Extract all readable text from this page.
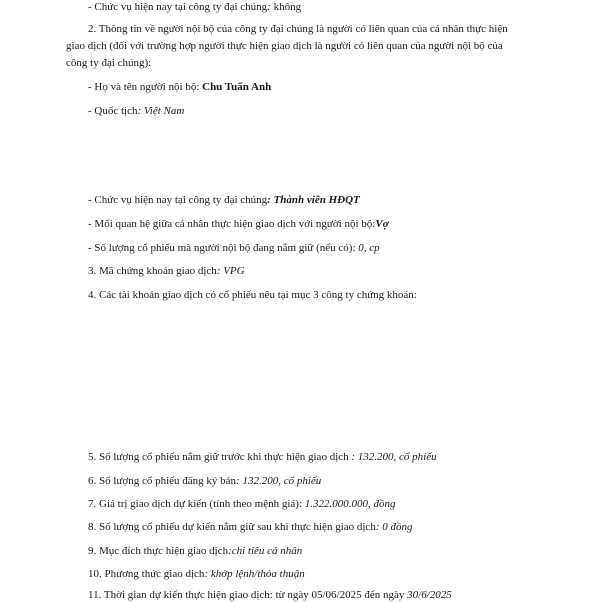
- Chức vụ hiện nay tại công ty đại chúng: không
2. Thông tin về người nội bộ của công ty đại chúng là người có liên quan của cá nhân thực hiện
giao dịch (đối với trường hợp người thực hiện giao dịch là người có liên quan của người nội bộ của
công ty đại chúng):
- Họ và tên người nội bộ: Chu Tuấn Anh
- Quốc tịch: Việt Nam
- Chức vụ hiện nay tại công ty đại chúng: Thành viên HĐQT
- Mối quan hệ giữa cá nhân thực hiện giao dịch với người nội bộ:Vợ
- Số lượng cổ phiếu mà người nội bộ đang nắm giữ (nếu có): 0, cp
3. Mã chứng khoán giao dịch: VPG
4. Các tài khoản giao dịch có cổ phiếu nêu tại mục 3 công ty chứng khoán:
5. Số lượng cổ phiếu nắm giữ trước khi thực hiện giao dịch : 132.200, cổ phiếu
6. Số lượng cổ phiếu đăng ký bán: 132.200, cổ phiếu
7. Giá trị giao dịch dự kiến (tính theo mệnh giá): 1.322.000.000, đồng
8. Số lượng cổ phiếu dự kiến nắm giữ sau khi thực hiện giao dịch: 0 đồng
9. Mục đích thực hiện giao dịch:chi tiêu cá nhân
10. Phương thức giao dịch: khớp lệnh/thỏa thuận
11. Thời gian dự kiến thực hiện giao dịch: từ ngày 05/06/2025 đến ngày 30/6/2025
